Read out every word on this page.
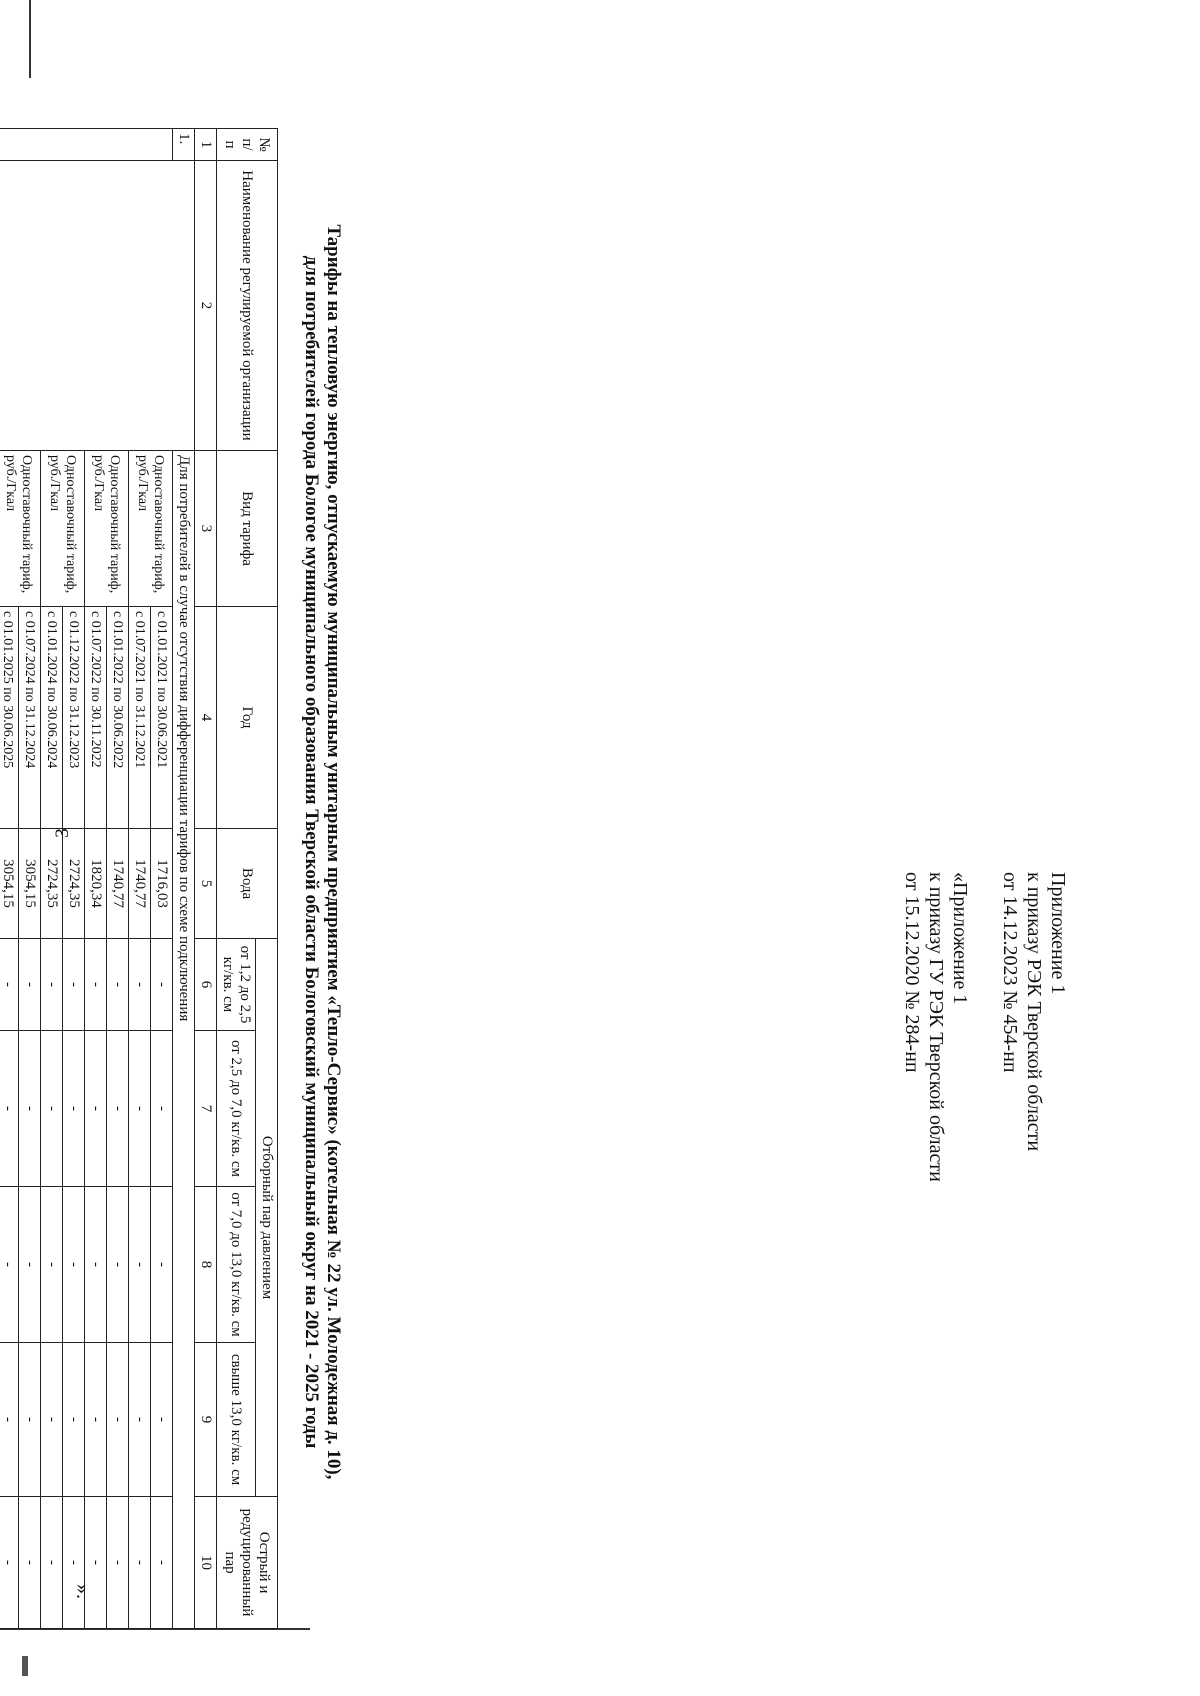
3
Приложение 1
к приказу РЭК Тверской области
от 14.12.2023 № 454-нп
«Приложение 1
к приказу ГУ РЭК Тверской области
от 15.12.2020 № 284-нп
Тарифы на тепловую энергию, отпускаемую муниципальным унитарным предприятием «Тепло-Сервис» (котельная № 22 ул. Молодежная д. 10),
для потребителей города Бологое муниципального образования Тверской области Бологовский муниципальный округ на 2021 - 2025 годы
№ п/ п	Наименование регулируемой организации	Вид тарифа	Год	Вода	Отборный пар давлением				Острый и редуцированный пар
					от 1,2 до 2,5 кг/кв. см	от 2,5 до 7,0 кг/кв. см	от 7,0 до 13,0 кг/кв. см	свыше 13,0 кг/кв. см	
1	2	3	4	5	6	7	8	9	10
1.		Для потребителей в случае отсутствия дифференциации тарифов по схеме подключения							
		Одноставочный тариф, руб./Гкал	с 01.01.2021 по 30.06.2021	1716,03	-	-	-	-	-
			с 01.07.2021 по 31.12.2021	1740,77	-	-	-	-	-
		Одноставочный тариф, руб./Гкал	с 01.01.2022 по 30.06.2022	1740,77	-	-	-	-	-
			с 01.07.2022 по 30.11.2022	1820,34	-	-	-	-	-
		Одноставочный тариф, руб./Гкал	с 01.12.2022 по 31.12.2023	2724,35	-	-	-	-	-
			с 01.01.2024 по 30.06.2024	2724,35	-	-	-	-	-
		Одноставочный тариф, руб./Гкал	с 01.07.2024 по 31.12.2024	3054,15	-	-	-	-	-
			с 01.01.2025 по 30.06.2025	3054,15	-	-	-	-	-

».
